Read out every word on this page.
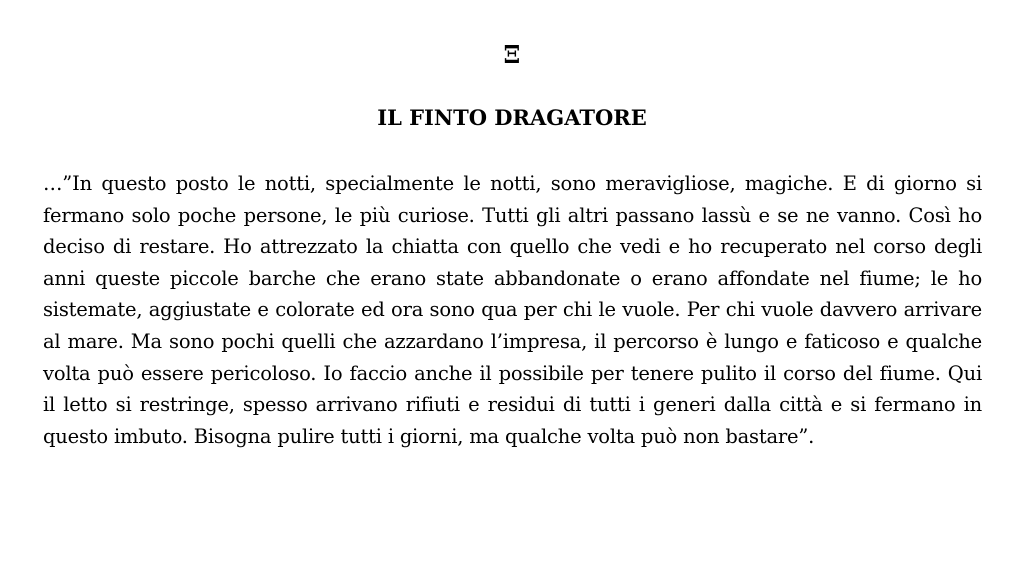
Ξ
IL FINTO DRAGATORE
…”In questo posto le notti, specialmente le notti, sono meravigliose, magiche. E di giorno si fermano solo poche persone, le più curiose. Tutti gli altri passano lassù e se ne vanno. Così ho deciso di restare. Ho attrezzato la chiatta con quello che vedi e ho recuperato nel corso degli anni queste piccole barche che erano state abbandonate o erano affondate nel fiume; le ho sistemate, aggiustate e colorate ed ora sono qua per chi le vuole. Per chi vuole davvero arrivare al mare. Ma sono pochi quelli che azzardano l’impresa, il percorso è lungo e faticoso e qualche volta può essere pericoloso. Io faccio anche il possibile per tenere pulito il corso del fiume. Qui il letto si restringe, spesso arrivano rifiuti e residui di tutti i generi dalla città e si fermano in questo imbuto. Bisogna pulire tutti i giorni, ma qualche volta può non bastare”.
